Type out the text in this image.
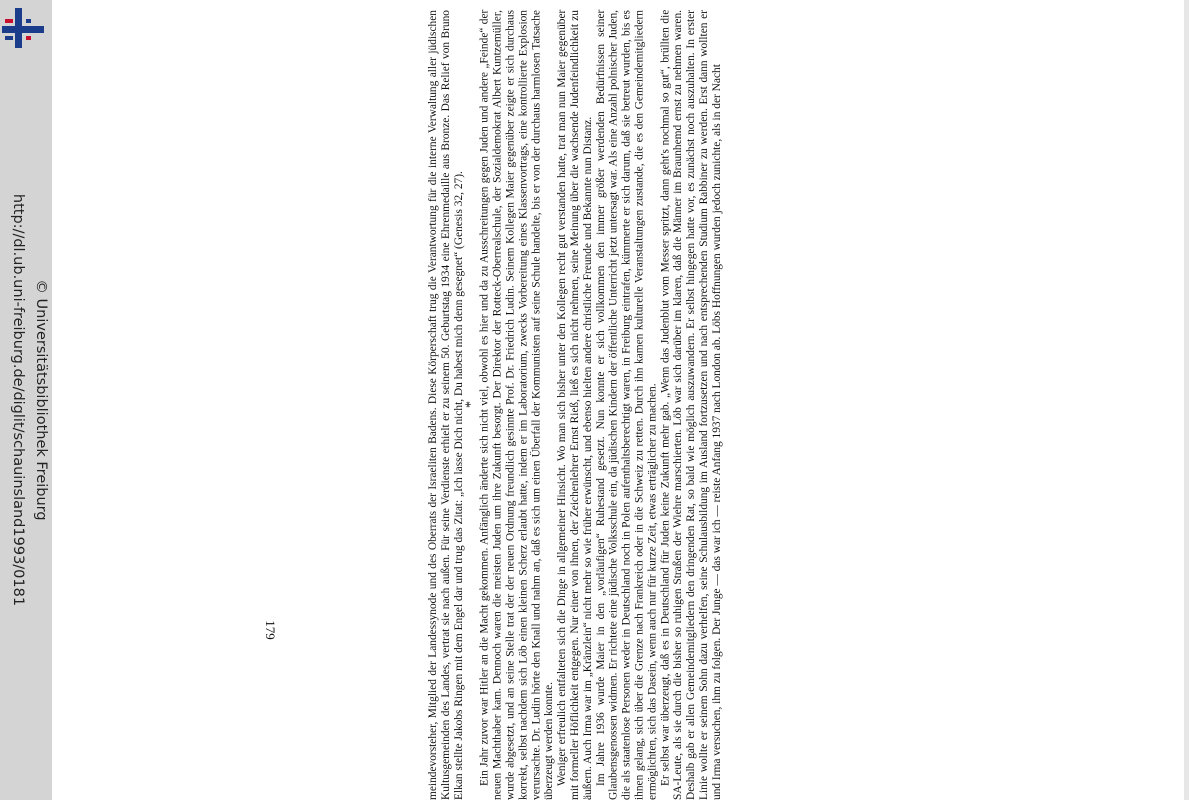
© Universitätsbibliothek Freiburg
http://dl.ub.uni-freiburg.de/diglit/schauinsland1993/0181	meindevorsteher, Mitglied der Landessynode und des Oberrats der Israeliten Badens. Diese Körperschaft trug die Verantwortung für die interne Verwaltung aller jüdischen Kultusgemeinden des Landes, vertrat sie nach außen. Für seine Verdienste erhielt er zu seinem 50. Geburtstag 1934 eine Ehrenmedaille aus Bronze. Das Relief von Bruno Elkan stellte Jakobs Ringen mit dem Engel dar und trug das Zitat: „Ich lasse Dich nicht, Du habest mich denn gesegnet“ (Genesis 32, 27).

* Ein Jahr zuvor war Hitler an die Macht gekommen. Anfänglich änderte sich nicht viel, obwohl es hier und da zu Ausschreitungen gegen Juden und andere „Feinde“ der neuen Machthaber kam. Dennoch waren die meisten Juden um ihre Zukunft besorgt. Der Direktor der Rotteck-Oberrealschule, der Sozialdemokrat Albert Kuntzemüller, wurde abgesetzt, und an seine Stelle trat der der neuen Ordnung freundlich gesinnte Prof. Dr. Friedrich Ludin. Seinem Kollegen Maier gegenüber zeigte er sich durchaus korrekt, selbst nachdem sich Löb einen kleinen Scherz erlaubt hatte, indem er im Laboratorium, zwecks Vorbereitung eines Klassenvortrags, eine kontrollierte Explosion verursachte. Dr. Ludin hörte den Knall und nahm an, daß es sich um einen Überfall der Kommunisten auf seine Schule handelte, bis er von der durchaus harmlosen Tatsache überzeugt werden konnte. Weniger erfreulich entfalteten sich die Dinge in allgemeiner Hinsicht. Wo man sich bisher unter den Kollegen recht gut verstanden hatte, trat man nun Maier gegenüber mit formeller Höflichkeit entgegen. Nur einer von ihnen, der Zeichenlehrer Ernst Rieß, ließ es sich nicht nehmen, seine Meinung über die wachsende Judenfeindlichkeit zu äußern. Auch Irma war im „Kränzlein“ nicht mehr so wie früher erwünscht, und ebenso hielten andere christliche Freunde und Bekannte nun Distanz. Im Jahre 1936 wurde Maier in den „vorläufigen“ Ruhestand gesetzt. Nun konnte er sich vollkommen den immer größer werdenden Bedürfnissen seiner Glaubensgenossen widmen. Er richtete eine jüdische Volksschule ein, da jüdischen Kindern der öffentliche Unterricht jetzt untersagt war. Als eine Anzahl polnischer Juden, die als staatenlose Personen weder in Deutschland noch in Polen aufenthaltsberechtigt waren, in Freiburg eintrafen, kümmerte er sich darum, daß sie betreut wurden, bis es ihnen gelang, sich über die Grenze nach Frankreich oder in die Schweiz zu retten. Durch ihn kamen kulturelle Veranstaltungen zustande, die es den Gemeindemitgliedern ermöglichten, sich das Dasein, wenn auch nur für kurze Zeit, etwas erträglicher zu machen. Er selbst war überzeugt, daß es in Deutschland für Juden keine Zukunft mehr gab. „Wenn das Judenblut vom Messer spritzt, dann geht's nochmal so gut“, brüllten die SA-Leute, als sie durch die bisher so ruhigen Straßen der Wiehre marschierten. Löb war sich darüber im klaren, daß die Männer im Braunhemd ernst zu nehmen waren. Deshalb gab er allen Gemeindemitgliedern den dringenden Rat, so bald wie möglich auszuwandern. Er selbst hingegen hatte vor, es zunächst noch auszuhalten. In erster Linie wollte er seinem Sohn dazu verhelfen, seine Schulausbildung im Ausland fortzusetzen und nach entsprechenden Studium Rabbiner zu werden. Erst dann wollten er und Irma versuchen, ihm zu folgen. Der Junge — das war ich — reiste Anfang 1937 nach London ab. Löbs Hoffnungen wurden jedoch zunichte, als in der Nacht

179
